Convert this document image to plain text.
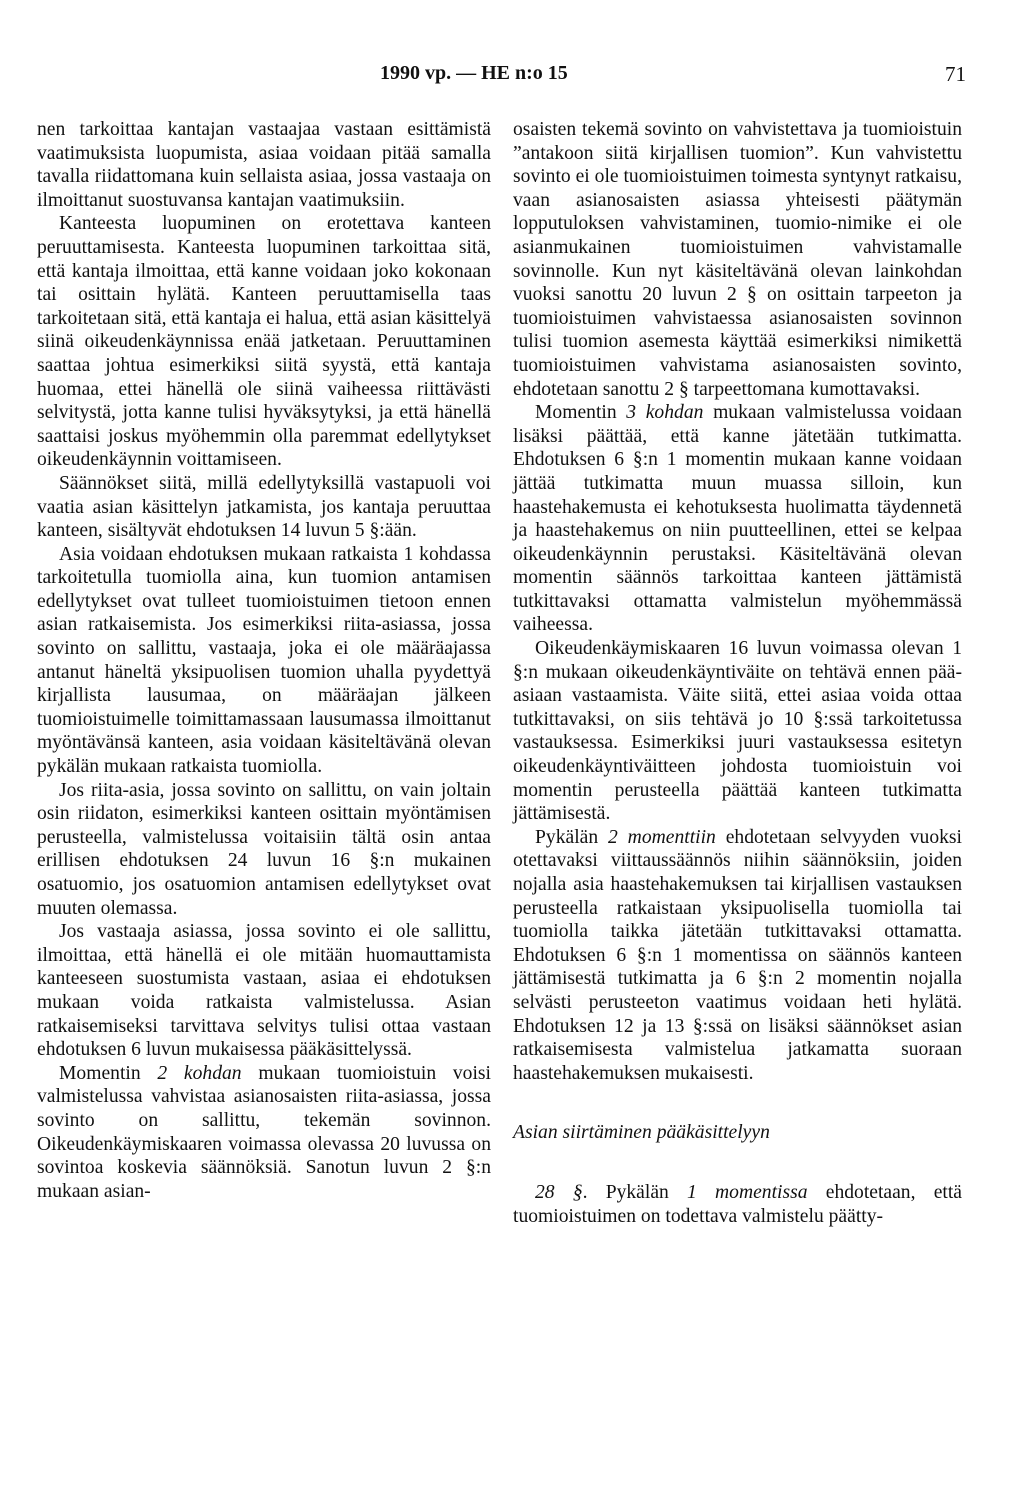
1990 vp. — HE n:o 15	71

nen tarkoittaa kantajan vastaajaa vastaan esittämistä vaatimuksista luopumista, asiaa voidaan pitää samalla tavalla riidattomana kuin sellaista asiaa, jossa vastaaja on ilmoittanut suostuvansa kantajan vaatimuksiin.

Kanteesta luopuminen on erotettava kanteen peruuttamisesta. Kanteesta luopuminen tarkoittaa sitä, että kantaja ilmoittaa, että kanne voidaan joko kokonaan tai osittain hylätä. Kanteen peruuttamisella taas tarkoitetaan sitä, että kantaja ei halua, että asian käsittelyä siinä oikeudenkäynnissa enää jatketaan. Peruuttaminen saattaa johtua esimerkiksi siitä syystä, että kantaja huomaa, ettei hänellä ole siinä vaiheessa riittävästi selvitystä, jotta kanne tulisi hyväksytyksi, ja että hänellä saattaisi joskus myöhemmin olla paremmat edellytykset oikeudenkäynnin voittamiseen.

Säännökset siitä, millä edellytyksillä vastapuoli voi vaatia asian käsittelyn jatkamista, jos kantaja peruuttaa kanteen, sisältyvät ehdotuksen 14 luvun 5 §:ään.

Asia voidaan ehdotuksen mukaan ratkaista 1 kohdassa tarkoitetulla tuomiolla aina, kun tuomion antamisen edellytykset ovat tulleet tuomioistuimen tietoon ennen asian ratkaisemista. Jos esimerkiksi riita-asiassa, jossa sovinto on sallittu, vastaaja, joka ei ole määräajassa antanut häneltä yksipuolisen tuomion uhalla pyydettyä kirjallista lausumaa, on määräajan jälkeen tuomioistuimelle toimittamassaan lausumassa ilmoittanut myöntävänsä kanteen, asia voidaan käsiteltävänä olevan pykälän mukaan ratkaista tuomiolla.

Jos riita-asia, jossa sovinto on sallittu, on vain joltain osin riidaton, esimerkiksi kanteen osittain myöntämisen perusteella, valmistelussa voitaisiin tältä osin antaa erillisen ehdotuksen 24 luvun 16 §:n mukainen osatuomio, jos osatuomion antamisen edellytykset ovat muuten olemassa.

Jos vastaaja asiassa, jossa sovinto ei ole sallittu, ilmoittaa, että hänellä ei ole mitään huomauttamista kanteeseen suostumista vastaan, asiaa ei ehdotuksen mukaan voida ratkaista valmistelussa. Asian ratkaisemiseksi tarvittava selvitys tulisi ottaa vastaan ehdotuksen 6 luvun mukaisessa pääkäsittelyssä.

Momentin 2 kohdan mukaan tuomioistuin voisi valmistelussa vahvistaa asianosaisten riita-asiassa, jossa sovinto on sallittu, tekemän sovinnon. Oikeudenkäymiskaaren voimassa olevassa 20 luvussa on sovintoa koskevia säännöksiä. Sanotun luvun 2 §:n mukaan asian-

osaisten tekemä sovinto on vahvistettava ja tuomioistuin ”antakoon siitä kirjallisen tuomion”. Kun vahvistettu sovinto ei ole tuomioistuimen toimesta syntynyt ratkaisu, vaan asianosaisten asiassa yhteisesti päätymän lopputuloksen vahvistaminen, tuomio-nimike ei ole asianmukainen tuomioistuimen vahvistamalle sovinnolle. Kun nyt käsiteltävänä olevan lainkohdan vuoksi sanottu 20 luvun 2 § on osittain tarpeeton ja tuomioistuimen vahvistaessa asianosaisten sovinnon tulisi tuomion asemesta käyttää esimerkiksi nimikettä tuomioistuimen vahvistama asianosaisten sovinto, ehdotetaan sanottu 2 § tarpeettomana kumottavaksi.

Momentin 3 kohdan mukaan valmistelussa voidaan lisäksi päättää, että kanne jätetään tutkimatta. Ehdotuksen 6 §:n 1 momentin mukaan kanne voidaan jättää tutkimatta muun muassa silloin, kun haastehakemusta ei kehotuksesta huolimatta täydennetä ja haastehakemus on niin puutteellinen, ettei se kelpaa oikeudenkäynnin perustaksi. Käsiteltävänä olevan momentin säännös tarkoittaa kanteen jättämistä tutkittavaksi ottamatta valmistelun myöhemmässä vaiheessa.

Oikeudenkäymiskaaren 16 luvun voimassa olevan 1 §:n mukaan oikeudenkäyntiväite on tehtävä ennen pää- asiaan vastaamista. Väite siitä, ettei asiaa voida ottaa tutkittavaksi, on siis tehtävä jo 10 §:ssä tarkoitetussa vastauksessa. Esimerkiksi juuri vastauksessa esitetyn oikeudenkäyntiväitteen johdosta tuomioistuin voi momentin perusteella päättää kanteen tutkimatta jättämisestä.

Pykälän 2 momenttiin ehdotetaan selvyyden vuoksi otettavaksi viittaussäännös niihin säännöksiin, joiden nojalla asia haastehakemuksen tai kirjallisen vastauksen perusteella ratkaistaan yksipuolisella tuomiolla tai tuomiolla taikka jätetään tutkittavaksi ottamatta. Ehdotuksen 6 §:n 1 momentissa on säännös kanteen jättämisestä tutkimatta ja 6 §:n 2 momentin nojalla selvästi perusteeton vaatimus voidaan heti hylätä. Ehdotuksen 12 ja 13 §:ssä on lisäksi säännökset asian ratkaisemisesta valmistelua jatkamatta suoraan haastehakemuksen mukaisesti.

Asian siirtäminen pääkäsittelyyn

28 §. Pykälän 1 momentissa ehdotetaan, että tuomioistuimen on todettava valmistelu päätty-
